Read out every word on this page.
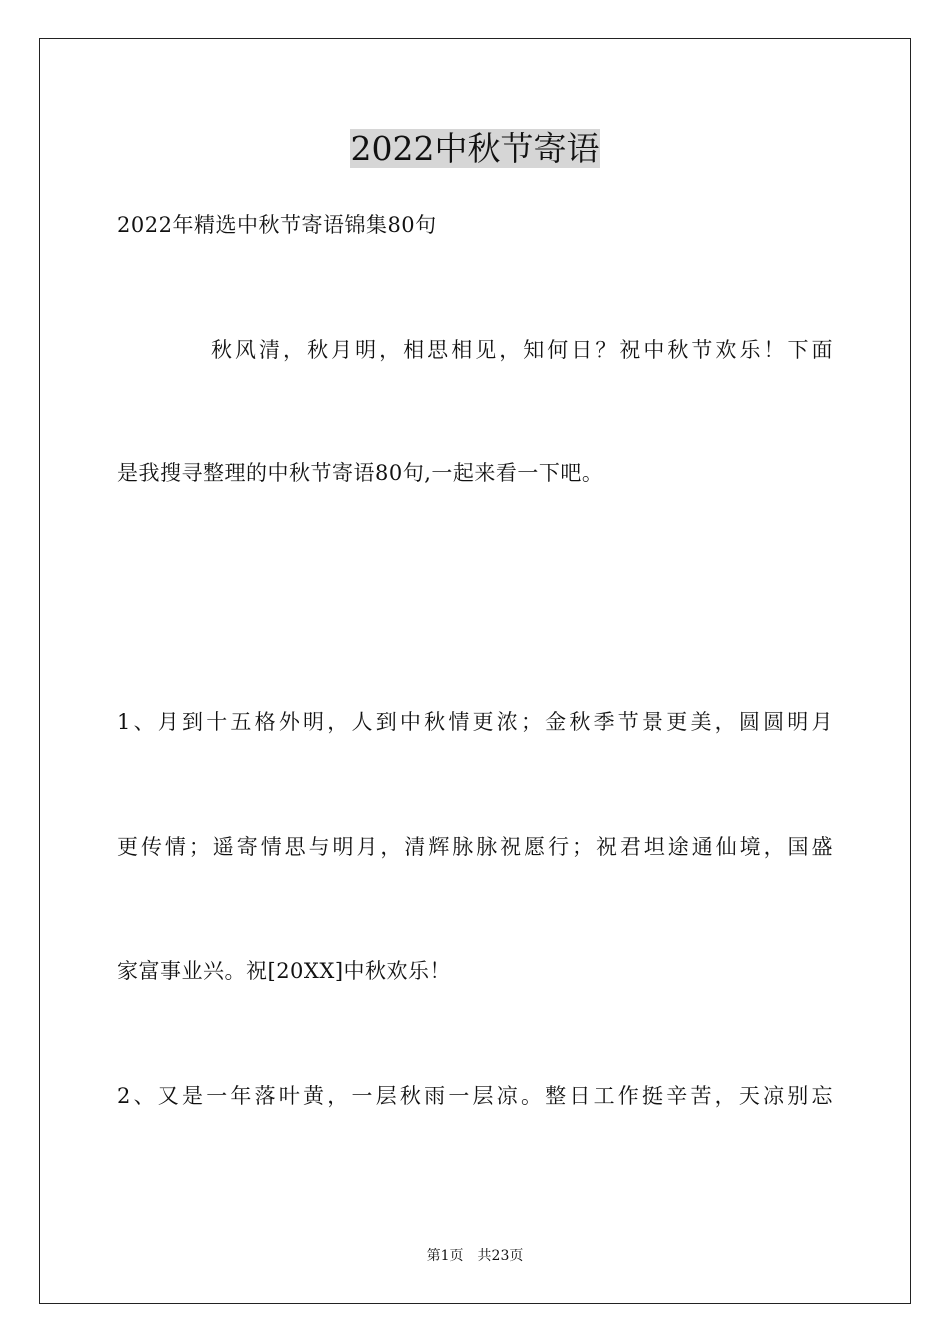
2022中秋节寄语

2022年精选中秋节寄语锦集80句

秋风清，秋月明，相思相见，知何日？祝中秋节欢乐！下面

是我搜寻整理的中秋节寄语80句,一起来看一下吧。

1、月到十五格外明，人到中秋情更浓；金秋季节景更美，圆圆明月

更传情；遥寄情思与明月，清辉脉脉祝愿行；祝君坦途通仙境，国盛

家富事业兴。祝[20XX]中秋欢乐！

2、又是一年落叶黄，一层秋雨一层凉。整日工作挺辛苦，天凉别忘

第1页　共23页
